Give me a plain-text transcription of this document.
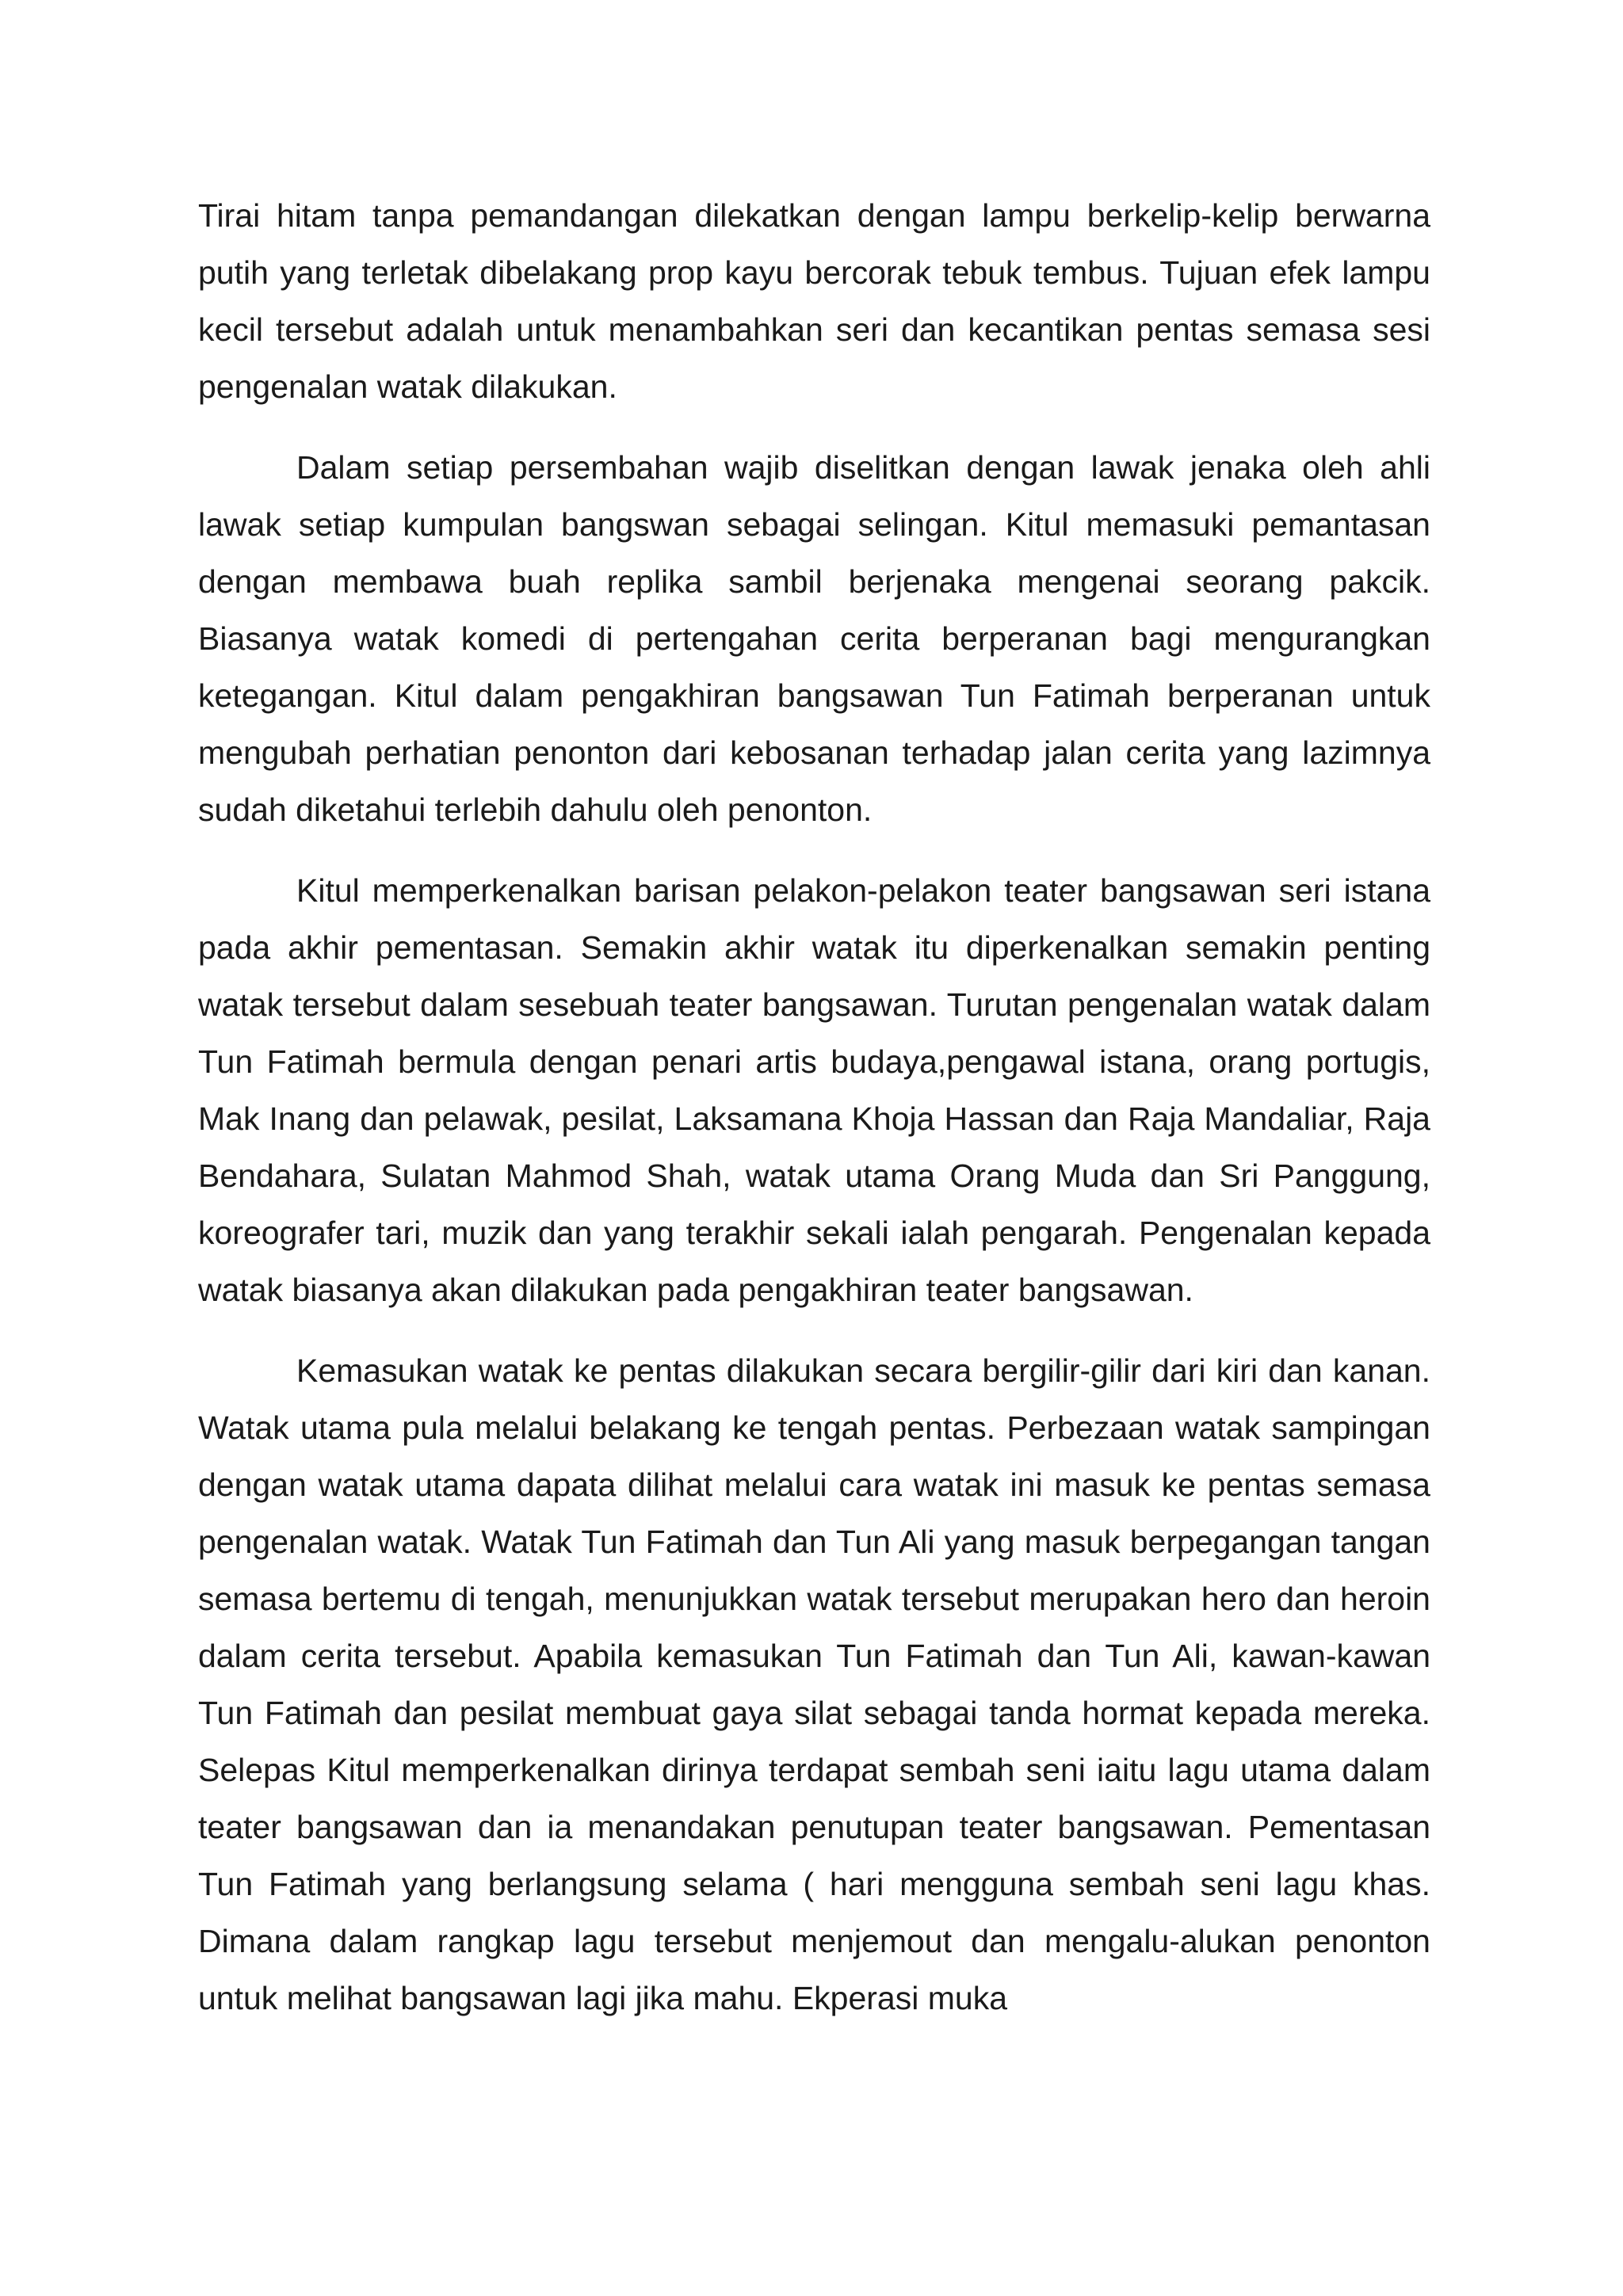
Tirai hitam tanpa pemandangan dilekatkan dengan lampu berkelip-kelip berwarna putih yang terletak dibelakang prop kayu bercorak tebuk tembus. Tujuan efek lampu kecil tersebut adalah untuk menambahkan seri dan kecantikan pentas semasa sesi pengenalan watak dilakukan.

Dalam setiap persembahan wajib diselitkan dengan lawak jenaka oleh ahli lawak setiap kumpulan bangswan sebagai selingan. Kitul memasuki pemantasan dengan membawa buah replika sambil berjenaka mengenai seorang pakcik. Biasanya watak komedi di pertengahan cerita berperanan bagi mengurangkan ketegangan. Kitul dalam pengakhiran bangsawan Tun Fatimah berperanan untuk mengubah perhatian penonton dari kebosanan terhadap jalan cerita yang lazimnya sudah diketahui terlebih dahulu oleh penonton.

Kitul memperkenalkan barisan pelakon-pelakon teater bangsawan seri istana pada akhir pementasan. Semakin akhir watak itu diperkenalkan semakin penting watak tersebut dalam sesebuah teater bangsawan. Turutan pengenalan watak dalam Tun Fatimah bermula dengan penari artis budaya,pengawal istana, orang portugis, Mak Inang dan pelawak, pesilat, Laksamana Khoja Hassan dan Raja Mandaliar, Raja Bendahara, Sulatan Mahmod Shah, watak utama Orang Muda dan Sri Panggung, koreografer tari, muzik dan yang terakhir sekali ialah pengarah. Pengenalan kepada watak biasanya akan dilakukan pada pengakhiran teater bangsawan.

Kemasukan watak ke pentas dilakukan secara bergilir-gilir dari kiri dan kanan. Watak utama pula melalui belakang ke tengah pentas. Perbezaan watak sampingan dengan watak utama dapata dilihat melalui cara watak ini masuk ke pentas semasa pengenalan watak. Watak Tun Fatimah dan Tun Ali yang masuk berpegangan tangan semasa bertemu di tengah, menunjukkan watak tersebut merupakan hero dan heroin dalam cerita tersebut. Apabila kemasukan Tun Fatimah dan Tun Ali, kawan-kawan Tun Fatimah dan pesilat membuat gaya silat sebagai tanda hormat kepada mereka. Selepas Kitul memperkenalkan dirinya terdapat sembah seni iaitu lagu utama dalam teater bangsawan dan ia menandakan penutupan teater bangsawan. Pementasan Tun Fatimah yang berlangsung selama ( hari mengguna sembah seni lagu khas. Dimana dalam rangkap lagu tersebut menjemout dan mengalu-alukan penonton untuk melihat bangsawan lagi jika mahu. Ekperasi muka
